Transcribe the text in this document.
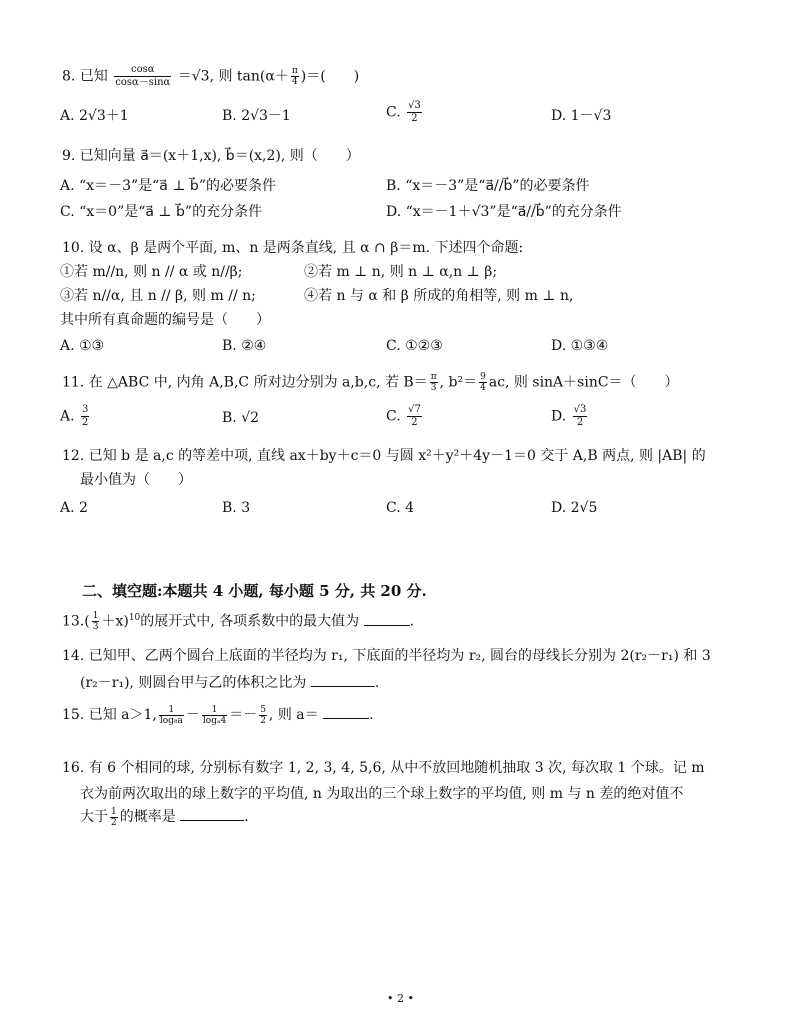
8. 已知 $\frac{\cos\alpha}{\cos\alpha-\sin\alpha} =√3$, 则 $\tan(\alpha+ \frac{\pi}{4}$ )＝(　　)
A. 2√3＋1	B. 2√3－1	C. $\frac{√3}{2}$	D. 1－√3
9. 已知向量 a⃗＝(x＋1,x), b⃗＝(x,2), 则（　　）
A. “x＝－3”是“a⃗ ⊥ b⃗”的必要条件	B. “x＝－3”是“a⃗//b⃗”的必要条件
C. “x＝0”是“a⃗ ⊥ b⃗”的充分条件	D. “x＝－1＋√3”是“a⃗//b⃗”的充分条件
10. 设 α、β 是两个平面, m、n 是两条直线, 且 α ∩ β＝m. 下述四个命题:
①若 m//n, 则 n // α 或 n//β;	②若 m ⊥ n, 则 n ⊥ α,n ⊥ β;
③若 n//α, 且 n // β, 则 m // n;	④若 n 与 α 和 β 所成的角相等, 则 m ⊥ n,
其中所有真命题的编号是（　　）
A. ①③	B. ②④	C. ①②③	D. ①③④
11. 在 △ABC 中, 内角 A,B,C 所对边分别为 a,b,c, 若 $B= \frac{\pi}{3}$ , $b^2= \frac{9}{4}$ ac, 则 sinA＋sinC＝（　　）
A. $\frac{3}{2}$	B. √2	C. $\frac{√7}{2}$	D. $\frac{√3}{2}$
12. 已知 b 是 a,c 的等差中项, 直线 ax＋by＋c＝0 与圆 x²＋y²＋4y－1＝0 交于 A,B 两点, 则 |AB| 的
最小值为（　　）
A. 2	B. 3	C. 4	D. 2√5
二、填空题:本题共 4 小题, 每小题 5 分, 共 20 分.
$13.( \frac{1}{3} +x)^{10}$的展开式中, 各项系数中的最大值为	.
14. 已知甲、乙两个圆台上底面的半径均为 r₁, 下底面的半径均为 r₂, 圆台的母线长分别为 2(r₂－r₁) 和 3
(r₂－r₁), 则圆台甲与乙的体积之比为	.
15. 已知 a＞1, $\frac{1}{\text{log₈a}} - \frac{1}{\text{logₐ4}} =- \frac{5}{2}$ , 则 a＝	.
16. 有 6 个相同的球, 分别标有数字 1, 2, 3, 4, 5,6, 从中不放回地随机抽取 3 次, 每次取 1 个球。记 m
衣为前两次取出的球上数字的平均值, n 为取出的三个球上数字的平均值, 则 m 与 n 差的绝对值不
大于 $\frac{1}{2}$ 的概率是	.
• 2 •
